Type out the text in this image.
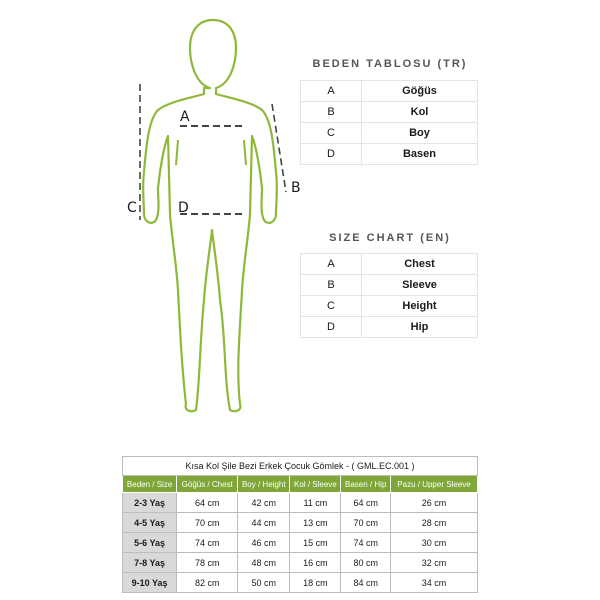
A
D
C
B
BEDEN TABLOSU (TR)
A	Göğüs
B	Kol
C	Boy
D	Basen
SIZE CHART (EN)
A	Chest
B	Sleeve
C	Height
D	Hip
Kısa Kol Şile Bezi Erkek Çocuk Gömlek - ( GML.EC.001 )					
Beden / Size	Göğüs / Chest	Boy / Height	Kol / Sleeve	Basen / Hip	Pazu / Upper Sleeve
2-3 Yaş	64 cm	42 cm	11 cm	64 cm	26 cm
4-5 Yaş	70 cm	44 cm	13 cm	70 cm	28 cm
5-6 Yaş	74 cm	46 cm	15 cm	74 cm	30 cm
7-8 Yaş	78 cm	48 cm	16 cm	80 cm	32 cm
9-10 Yaş	82 cm	50 cm	18 cm	84 cm	34 cm
